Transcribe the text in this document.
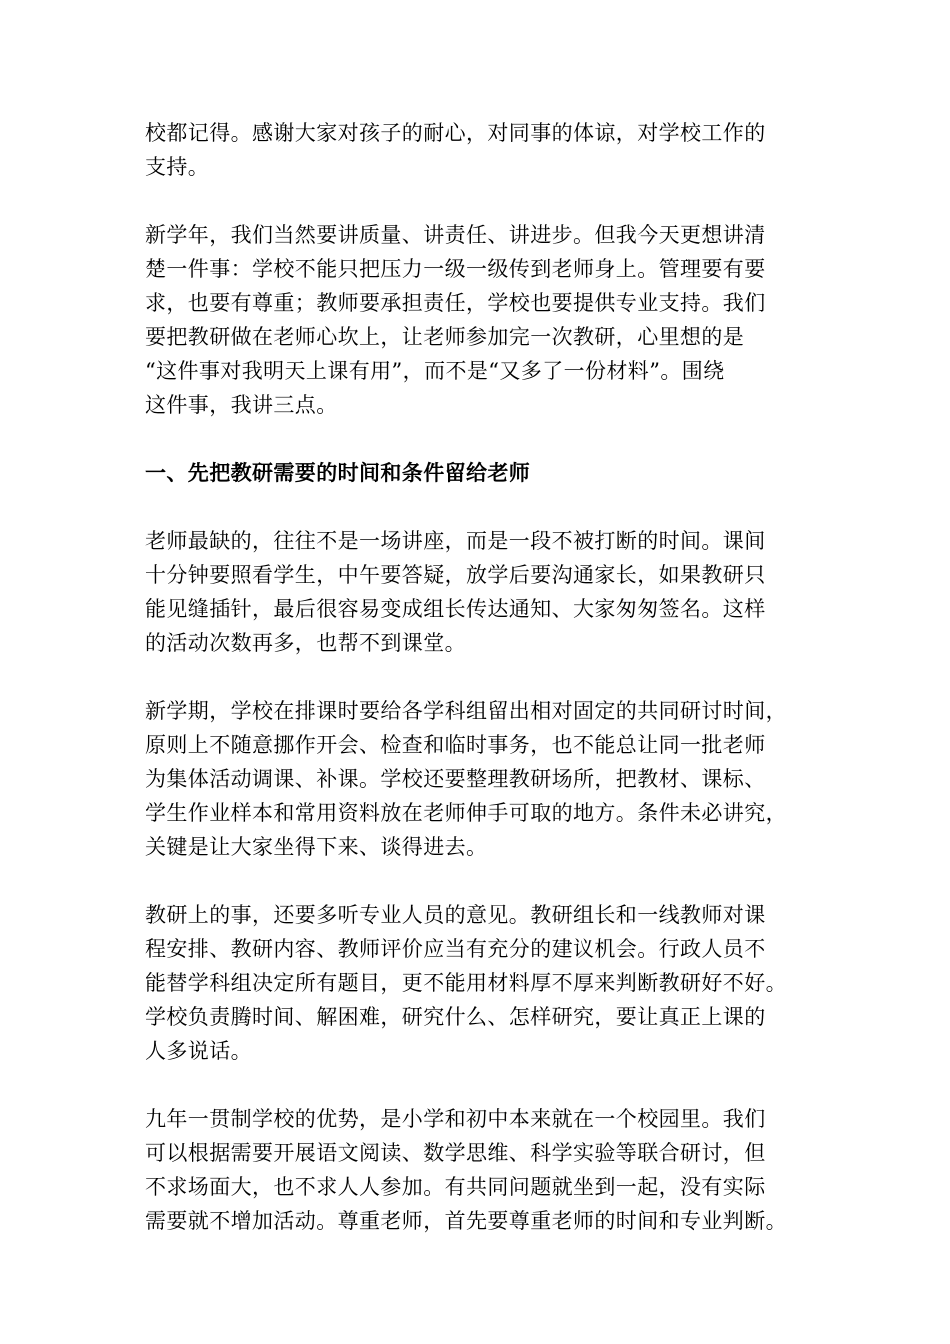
校都记得。感谢大家对孩子的耐心，对同事的体谅，对学校工作的
支持。
新学年，我们当然要讲质量、讲责任、讲进步。但我今天更想讲清
楚一件事：学校不能只把压力一级一级传到老师身上。管理要有要
求，也要有尊重；教师要承担责任，学校也要提供专业支持。我们
要把教研做在老师心坎上，让老师参加完一次教研，心里想的是
“这件事对我明天上课有用”，而不是“又多了一份材料”。围绕
这件事，我讲三点。
一、先把教研需要的时间和条件留给老师
老师最缺的，往往不是一场讲座，而是一段不被打断的时间。课间
十分钟要照看学生，中午要答疑，放学后要沟通家长，如果教研只
能见缝插针，最后很容易变成组长传达通知、大家匆匆签名。这样
的活动次数再多，也帮不到课堂。
新学期，学校在排课时要给各学科组留出相对固定的共同研讨时间，
原则上不随意挪作开会、检查和临时事务，也不能总让同一批老师
为集体活动调课、补课。学校还要整理教研场所，把教材、课标、
学生作业样本和常用资料放在老师伸手可取的地方。条件未必讲究，
关键是让大家坐得下来、谈得进去。
教研上的事，还要多听专业人员的意见。教研组长和一线教师对课
程安排、教研内容、教师评价应当有充分的建议机会。行政人员不
能替学科组决定所有题目，更不能用材料厚不厚来判断教研好不好。
学校负责腾时间、解困难，研究什么、怎样研究，要让真正上课的
人多说话。
九年一贯制学校的优势，是小学和初中本来就在一个校园里。我们
可以根据需要开展语文阅读、数学思维、科学实验等联合研讨，但
不求场面大，也不求人人参加。有共同问题就坐到一起，没有实际
需要就不增加活动。尊重老师，首先要尊重老师的时间和专业判断。
